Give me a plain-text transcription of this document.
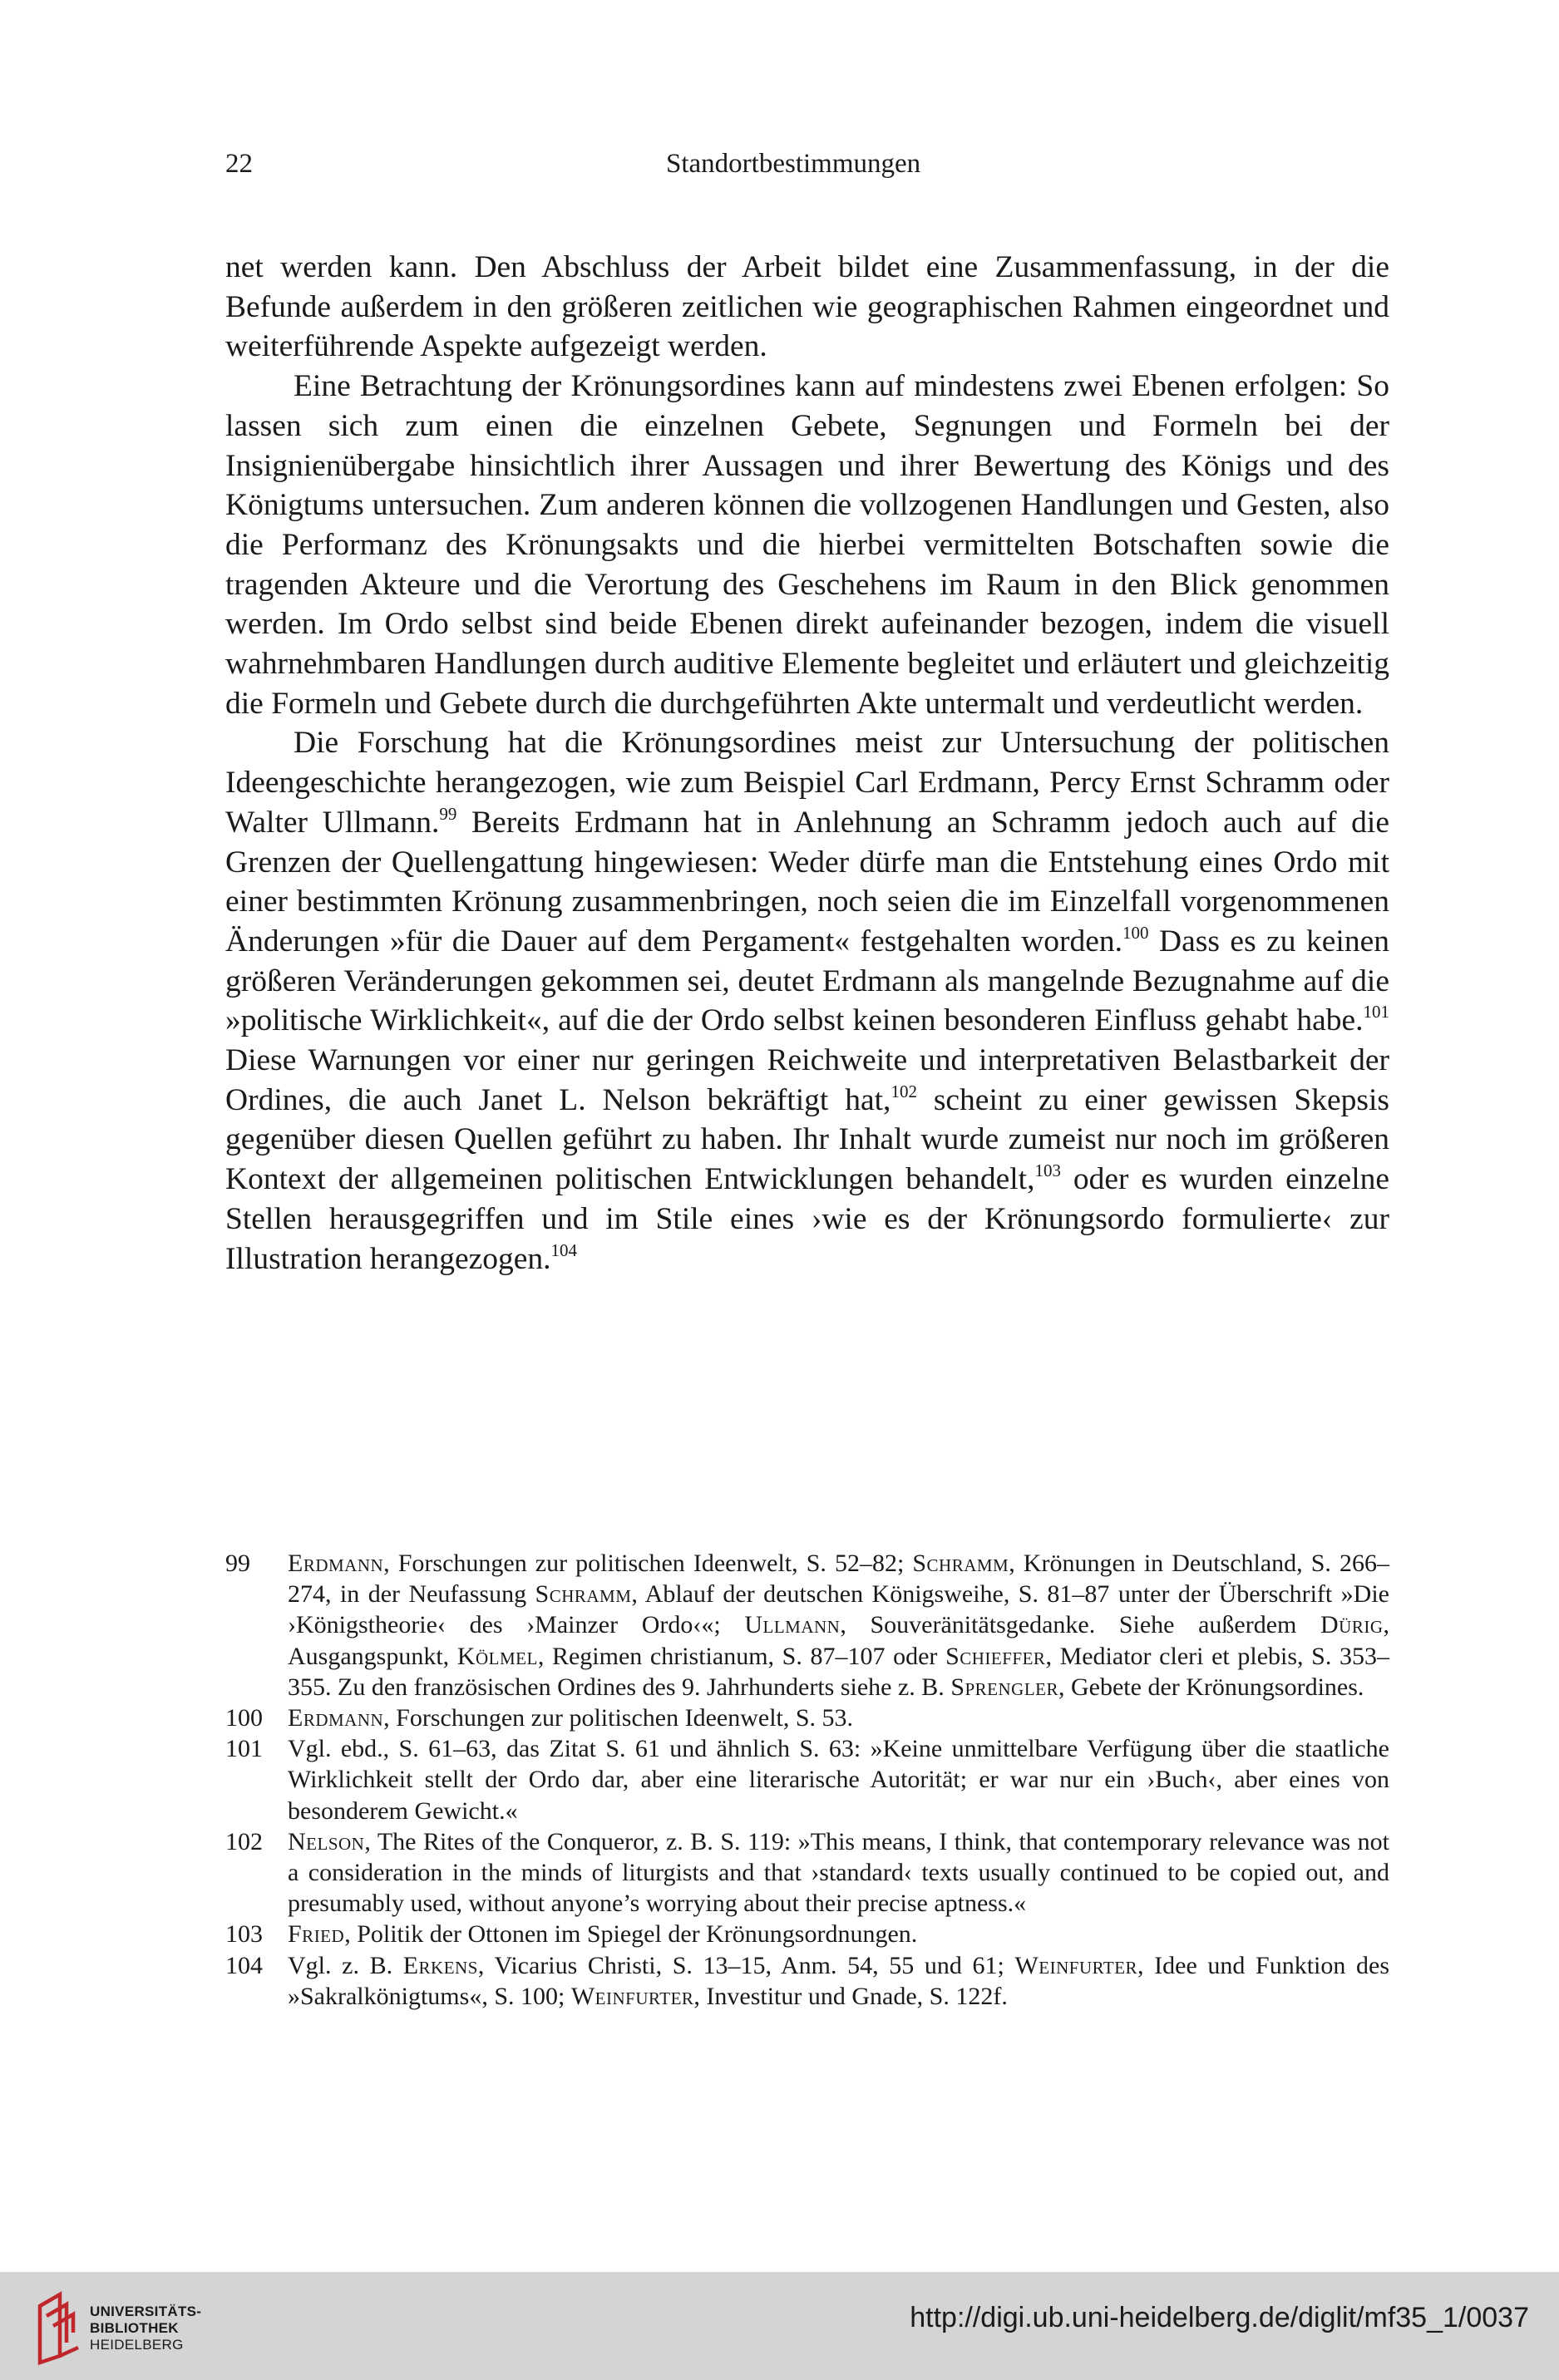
22	Standortbestimmungen

net werden kann. Den Abschluss der Arbeit bildet eine Zusammenfassung, in der die Befunde außerdem in den größeren zeitlichen wie geographischen Rahmen eingeordnet und weiterführende Aspekte aufgezeigt werden.

Eine Betrachtung der Krönungsordines kann auf mindestens zwei Ebenen erfolgen: So lassen sich zum einen die einzelnen Gebete, Segnungen und Formeln bei der Insignienübergabe hinsichtlich ihrer Aussagen und ihrer Bewertung des Königs und des Königtums untersuchen. Zum anderen können die vollzogenen Handlungen und Gesten, also die Performanz des Krönungsakts und die hierbei vermittelten Botschaften sowie die tragenden Akteure und die Verortung des Geschehens im Raum in den Blick genommen werden. Im Ordo selbst sind beide Ebenen direkt aufeinander bezogen, indem die visuell wahrnehmbaren Handlungen durch auditive Elemente begleitet und erläutert und gleichzeitig die Formeln und Gebete durch die durchgeführten Akte untermalt und verdeutlicht werden.

Die Forschung hat die Krönungsordines meist zur Untersuchung der politischen Ideengeschichte herangezogen, wie zum Beispiel Carl Erdmann, Percy Ernst Schramm oder Walter Ullmann.$^{99}$ Bereits Erdmann hat in Anlehnung an Schramm jedoch auch auf die Grenzen der Quellengattung hingewiesen: Weder dürfe man die Entstehung eines Ordo mit einer bestimmten Krönung zusammenbringen, noch seien die im Einzelfall vorgenommenen Änderungen »für die Dauer auf dem Pergament« festgehalten worden.$^{100}$ Dass es zu keinen größeren Veränderungen gekommen sei, deutet Erdmann als mangelnde Bezugnahme auf die »politische Wirklichkeit«, auf die der Ordo selbst keinen besonderen Einfluss gehabt habe.$^{101}$ Diese Warnungen vor einer nur geringen Reichweite und interpretativen Belastbarkeit der Ordines, die auch Janet L. Nelson bekräftigt hat,$^{102}$ scheint zu einer gewissen Skepsis gegenüber diesen Quellen geführt zu haben. Ihr Inhalt wurde zumeist nur noch im größeren Kontext der allgemeinen politischen Entwicklungen behandelt,$^{103}$ oder es wurden einzelne Stellen herausgegriffen und im Stile eines ›wie es der Krönungsordo formulierte‹ zur Illustration herangezogen.$^{104}$

99 Erdmann, Forschungen zur politischen Ideenwelt, S. 52–82; Schramm, Krönungen in Deutschland, S. 266–274, in der Neufassung Schramm, Ablauf der deutschen Königsweihe, S. 81–87 unter der Überschrift »Die ›Königstheorie‹ des ›Mainzer Ordo‹«; Ullmann, Souveränitätsgedanke. Siehe außerdem Dürig, Ausgangspunkt, Kölmel, Regimen christianum, S. 87–107 oder Schieffer, Mediator cleri et plebis, S. 353–355. Zu den französischen Ordines des 9. Jahrhunderts siehe z. B. Sprengler, Gebete der Krönungsordines.

100 Erdmann, Forschungen zur politischen Ideenwelt, S. 53.

101 Vgl. ebd., S. 61–63, das Zitat S. 61 und ähnlich S. 63: »Keine unmittelbare Verfügung über die staatliche Wirklichkeit stellt der Ordo dar, aber eine literarische Autorität; er war nur ein ›Buch‹, aber eines von besonderem Gewicht.«

102 Nelson, The Rites of the Conqueror, z. B. S. 119: »This means, I think, that contemporary relevance was not a consideration in the minds of liturgists and that ›standard‹ texts usually continued to be copied out, and presumably used, without anyone’s worrying about their precise aptness.«

103 Fried, Politik der Ottonen im Spiegel der Krönungsordnungen.

104 Vgl. z. B. Erkens, Vicarius Christi, S. 13–15, Anm. 54, 55 und 61; Weinfurter, Idee und Funktion des »Sakralkönigtums«, S. 100; Weinfurter, Investitur und Gnade, S. 122f.

UNIVERSITÄTS-
BIBLIOTHEK
HEIDELBERG
http://digi.ub.uni-heidelberg.de/diglit/mf35_1/0037
